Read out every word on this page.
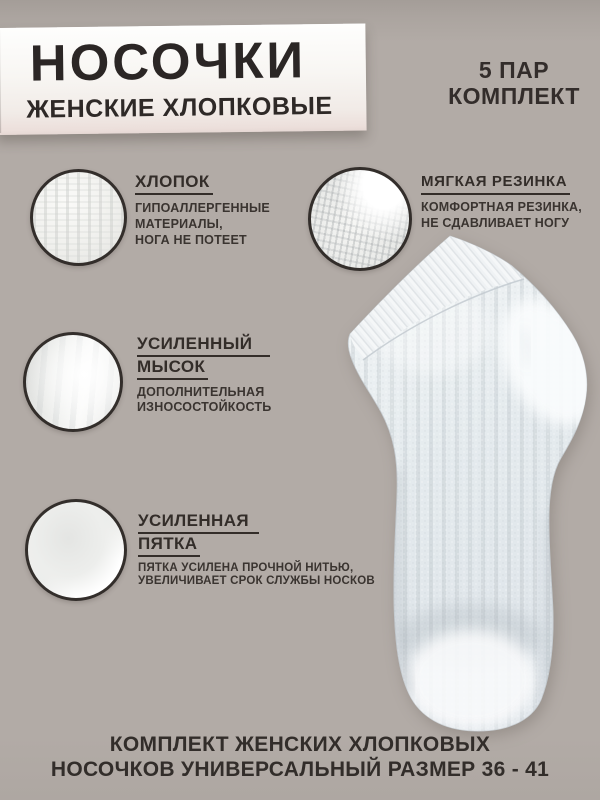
НОСОЧКИ
ЖЕНСКИЕ ХЛОПКОВЫЕ
5 ПАР
КОМПЛЕКТ
ХЛОПОК
ГИПОАЛЛЕРГЕННЫЕ
МАТЕРИАЛЫ,
НОГА НЕ ПОТЕЕТ
МЯГКАЯ РЕЗИНКА
КОМФОРТНАЯ РЕЗИНКА,
НЕ СДАВЛИВАЕТ НОГУ
УСИЛЕННЫЙ
МЫСОК
ДОПОЛНИТЕЛЬНАЯ
ИЗНОСОСТОЙКОСТЬ
УСИЛЕННАЯ
ПЯТКА
ПЯТКА УСИЛЕНА ПРОЧНОЙ НИТЬЮ,
УВЕЛИЧИВАЕТ СРОК СЛУЖБЫ НОСКОВ
КОМПЛЕКТ ЖЕНСКИХ ХЛОПКОВЫХ
НОСОЧКОВ УНИВЕРСАЛЬНЫЙ РАЗМЕР 36 - 41
